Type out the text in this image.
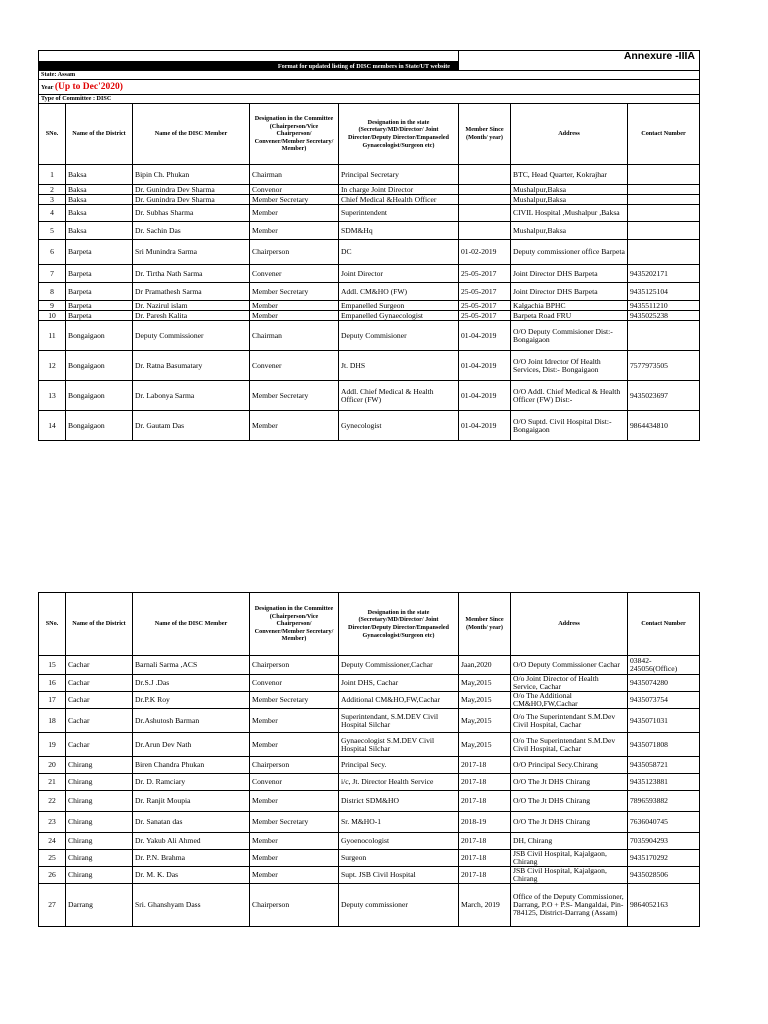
					Annexure -IIIA		
Format for updated listing of DISC members in State/UT website							
State: Assam							
Year (Up to Dec'2020)							
Type of Committee : DISC							
SNo.	Name of the District	Name of the DISC Member	Designation in the Committee (Chairperson/Vice Chairperson/ Convener/Member Secretary/ Member)	Designation in the state (Secretary/MD/Director/ Joint Director/Deputy Director/Empanseled Gynaecologist/Surgeon etc)	Member Since (Month/ year)	Address	Contact Number
1	Baksa	Bipin Ch. Phukan	Chairman	Principal Secretary		BTC, Head Quarter, Kokrajhar	
2	Baksa	Dr. Gunindra Dev Sharma	Convenor	In charge Joint Director		Mushalpur,Baksa	
3	Baksa	Dr. Gunindra Dev Sharma	Member Secretary	Chief Medical &Health Officer		Mushalpur,Baksa	
4	Baksa	Dr. Subhas Sharma	Member	Superintendent		CIVIL Hospital ,Mushalpur ,Baksa	
5	Baksa	Dr. Sachin Das	Member	SDM&Hq		Mushalpur,Baksa	
6	Barpeta	Sri Munindra Sarma	Chairperson	DC	01-02-2019	Deputy commissioner office Barpeta	
7	Barpeta	Dr. Tirtha Nath Sarma	Convener	Joint Director	25-05-2017	Joint Director DHS Barpeta	9435202171
8	Barpeta	Dr Pramathesh Sarma	Member Secretary	Addl. CM&HO (FW)	25-05-2017	Joint Director DHS Barpeta	9435125104
9	Barpeta	Dr. Nazirul islam	Member	Empanelled Surgeon	25-05-2017	Kalgachia BPHC	9435511210
10	Barpeta	Dr. Paresh Kalita	Member	Empanelled Gynaecologist	25-05-2017	Barpeta Road FRU	9435025238
11	Bongaigaon	Deputy Commissioner	Chairman	Deputy Commisioner	01-04-2019	O/O Deputy Commisioner Dist:- Bongaigaon	
12	Bongaigaon	Dr. Ratna Basumatary	Convener	Jt. DHS	01-04-2019	O/O Joint Idrector Of Health Services, Dist:- Bongaigaon	7577973505
13	Bongaigaon	Dr. Labonya Sarma	Member Secretary	Addl. Chief Medical & Health Officer (FW)	01-04-2019	O/O Addl. Chief Medical & Health Officer (FW) Dist:-	9435023697
14	Bongaigaon	Dr. Gautam Das	Member	Gynecologist	01-04-2019	O/O Suptd. Civil Hospital Dist:- Bongaigaon	9864434810
SNo.	Name of the District	Name of the DISC Member	Designation in the Committee (Chairperson/Vice Chairperson/ Convener/Member Secretary/ Member)	Designation in the state (Secretary/MD/Director/ Joint Director/Deputy Director/Empanseled Gynaecologist/Surgeon etc)	Member Since (Month/ year)	Address	Contact Number
15	Cachar	Barnali Sarma ,ACS	Chairperson	Deputy Commissioner,Cachar	Jaan,2020	O/O Deputy Commissioner Cachar	03842-245056(Office)
16	Cachar	Dr.S.J .Das	Convenor	Joint DHS, Cachar	May,2015	O/o Joint Director of Health Service, Cachar	9435074280
17	Cachar	Dr.P.K Roy	Member Secretary	Additional CM&HO,FW,Cachar	May,2015	O/o The Additional CM&HO,FW,Cachar	9435073754
18	Cachar	Dr.Ashutosh Barman	Member	Superintendant, S.M.DEV Civil Hospital Silchar	May,2015	O/o The Superintendant S.M.Dev Civil Hospital, Cachar	9435071031
19	Cachar	Dr.Arun Dev Nath	Member	Gynaecologist S.M.DEV Civil Hospital Silchar	May,2015	O/o The Superintendant S.M.Dev Civil Hospital, Cachar	9435071808
20	Chirang	Biren Chandra Phukan	Chairperson	Principal Secy.	2017-18	O/O Principal Secy.Chirang	9435058721
21	Chirang	Dr. D. Ramciary	Convenor	i/c, Jt. Director Health Service	2017-18	O/O The Jt DHS Chirang	9435123881
22	Chirang	Dr. Ranjit Moupia	Member	District SDM&HO	2017-18	O/O The Jt DHS Chirang	7896593882
23	Chirang	Dr. Sanatan das	Member Secretary	Sr. M&HO-1	2018-19	O/O The Jt DHS Chirang	7636040745
24	Chirang	Dr. Yakub Ali Ahmed	Member	Gyoenocologist	2017-18	DH, Chirang	7035904293
25	Chirang	Dr. P.N. Brahma	Member	Surgeon	2017-18	JSB Civil Hospital, Kajalgaon, Chirang	9435170292
26	Chirang	Dr. M. K. Das	Member	Supt. JSB Civil Hospital	2017-18	JSB Civil Hospital, Kajalgaon, Chirang	9435028506
27	Darrang	Sri. Ghanshyam Dass	Chairperson	Deputy commissioner	March, 2019	Office of the Deputy Commissioner, Darrang, P.O + P.S- Mangaldai, Pin-784125, District-Darrang (Assam)	9864052163
